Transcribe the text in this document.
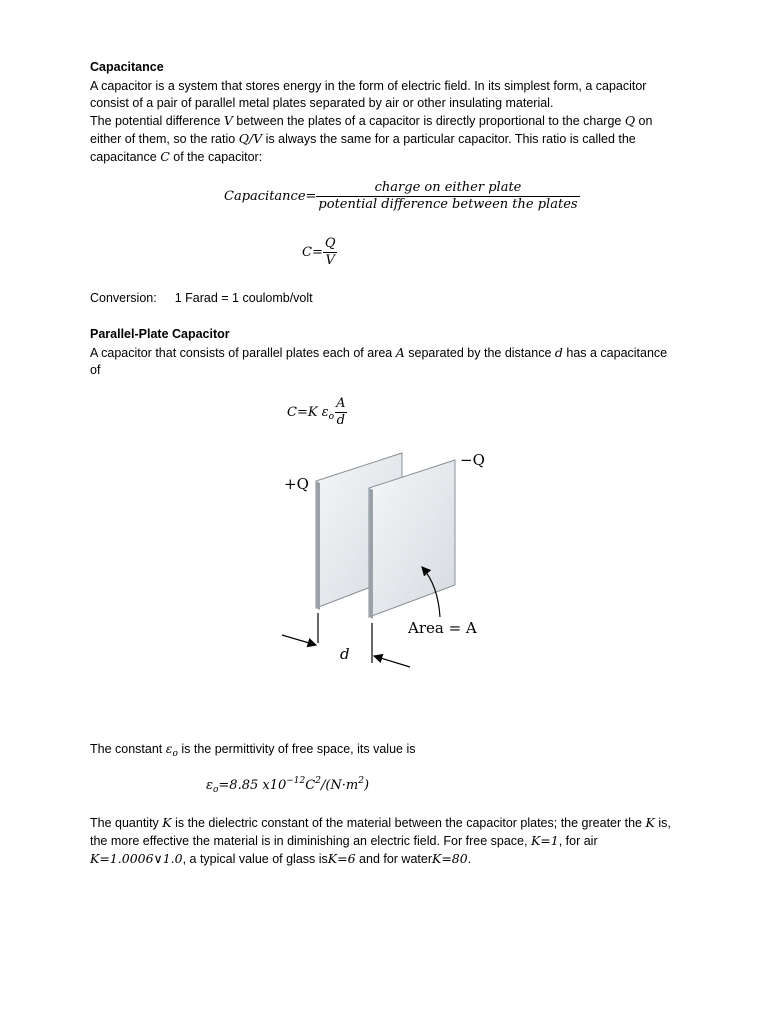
Capacitance
A capacitor is a system that stores energy in the form of electric field. In its simplest form, a capacitor consist of a pair of parallel metal plates separated by air or other insulating material.
The potential difference V between the plates of a capacitor is directly proportional to the charge Q on either of them, so the ratio Q/V is always the same for a particular capacitor. This ratio is called the capacitance C of the capacitor:
Capacitance= $\frac{\text{charge on either plate}}{\text{potential difference between the plates}}$
$C= \frac{Q}{V}$
Conversion: 1 Farad = 1 coulomb/volt
Parallel-Plate Capacitor
A capacitor that consists of parallel plates each of area A separated by the distance d has a capacitance of
C=K $\varepsilon_o \frac{A}{d}$
+Q
−Q
Area = A
d
The constant $\varepsilon_o$ is the permittivity of free space, its value is
$\varepsilon_o=8.85$ $x10^{-12}C^2/(N\cdot m^2)$
The quantity K is the dielectric constant of the material between the capacitor plates; the greater the K is, the more effective the material is in diminishing an electric field. For free space, K=1, for air K=1.0006∨1.0, a typical value of glass isK=6 and for waterK=80.
